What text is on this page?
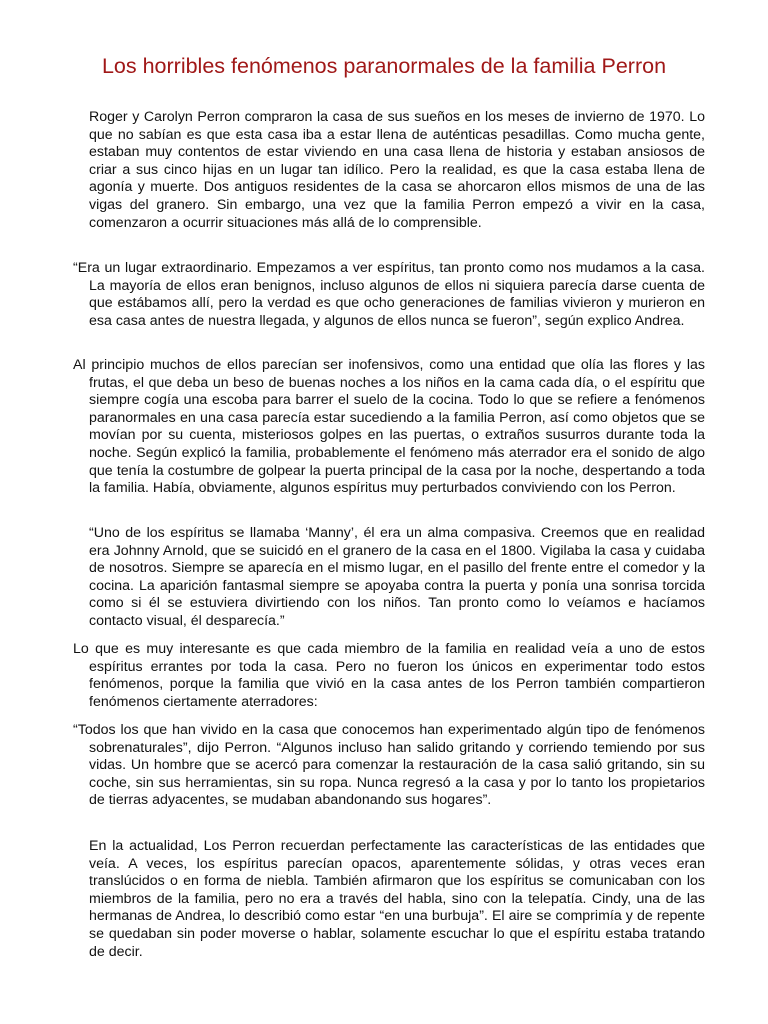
Los horribles fenómenos paranormales de la familia Perron

Roger y Carolyn Perron compraron la casa de sus sueños en los meses de invierno de 1970. Lo que no sabían es que esta casa iba a estar llena de auténticas pesadillas. Como mucha gente, estaban muy contentos de estar viviendo en una casa llena de historia y estaban ansiosos de criar a sus cinco hijas en un lugar tan idílico. Pero la realidad, es que la casa estaba llena de agonía y muerte. Dos antiguos residentes de la casa se ahorcaron ellos mismos de una de las vigas del granero. Sin embargo, una vez que la familia Perron empezó a vivir en la casa, comenzaron a ocurrir situaciones más allá de lo comprensible.

“Era un lugar extraordinario. Empezamos a ver espíritus, tan pronto como nos mudamos a la casa. La mayoría de ellos eran benignos, incluso algunos de ellos ni siquiera parecía darse cuenta de que estábamos allí, pero la verdad es que ocho generaciones de familias vivieron y murieron en esa casa antes de nuestra llegada, y algunos de ellos nunca se fueron”, según explico Andrea.

Al principio muchos de ellos parecían ser inofensivos, como una entidad que olía las flores y las frutas, el que deba un beso de buenas noches a los niños en la cama cada día, o el espíritu que siempre cogía una escoba para barrer el suelo de la cocina. Todo lo que se refiere a fenómenos paranormales en una casa parecía estar sucediendo a la familia Perron, así como objetos que se movían por su cuenta, misteriosos golpes en las puertas, o extraños susurros durante toda la noche. Según explicó la familia, probablemente el fenómeno más aterrador era el sonido de algo que tenía la costumbre de golpear la puerta principal de la casa por la noche, despertando a toda la familia. Había, obviamente, algunos espíritus muy perturbados conviviendo con los Perron.

“Uno de los espíritus se llamaba ‘Manny’, él era un alma compasiva. Creemos que en realidad era Johnny Arnold, que se suicidó en el granero de la casa en el 1800. Vigilaba la casa y cuidaba de nosotros. Siempre se aparecía en el mismo lugar, en el pasillo del frente entre el comedor y la cocina. La aparición fantasmal siempre se apoyaba contra la puerta y ponía una sonrisa torcida como si él se estuviera divirtiendo con los niños. Tan pronto como lo veíamos e hacíamos contacto visual, él desparecía.”

Lo que es muy interesante es que cada miembro de la familia en realidad veía a uno de estos espíritus errantes por toda la casa. Pero no fueron los únicos en experimentar todo estos fenómenos, porque la familia que vivió en la casa antes de los Perron también compartieron fenómenos ciertamente aterradores:

“Todos los que han vivido en la casa que conocemos han experimentado algún tipo de fenómenos sobrenaturales”, dijo Perron. “Algunos incluso han salido gritando y corriendo temiendo por sus vidas. Un hombre que se acercó para comenzar la restauración de la casa salió gritando, sin su coche, sin sus herramientas, sin su ropa. Nunca regresó a la casa y por lo tanto los propietarios de tierras adyacentes, se mudaban abandonando sus hogares”.

En la actualidad, Los Perron recuerdan perfectamente las características de las entidades que veía. A veces, los espíritus parecían opacos, aparentemente sólidas, y otras veces eran translúcidos o en forma de niebla. También afirmaron que los espíritus se comunicaban con los miembros de la familia, pero no era a través del habla, sino con la telepatía. Cindy, una de las hermanas de Andrea, lo describió como estar “en una burbuja”. El aire se comprimía y de repente se quedaban sin poder moverse o hablar, solamente escuchar lo que el espíritu estaba tratando de decir.
